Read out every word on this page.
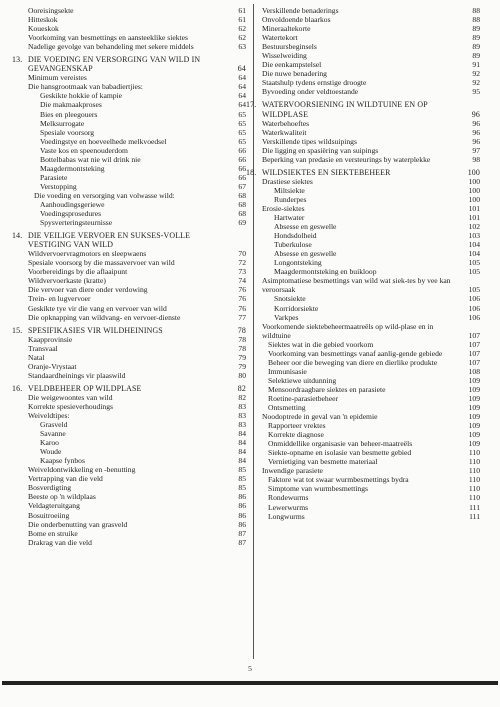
Ooreisingsekte	61
Hitteskok	61
Koueskok	62
Voorkoming van besmettings en aansteeklike siektes	62
Nadelige gevolge van behandeling met sekere middels	63
13. DIE VOEDING EN VERSORGING VAN WILD IN GEVANGENSKAP	64
Minimum vereistes	64
Die hansgrootmaak van babadiertjies:	64
Geskikte hokkie of kampie	64
Die makmaakproses	64
Bies en pleegouers	65
Melksurrogate	65
Spesiale voorsorg	65
Voedingstye en hoeveelhede melkvoedsel	65
Vaste kos en speenouderdom	66
Bottelbabas wat nie wil drink nie	66
Maagdermontsteking	66
Parasiete	66
Verstopping	67
Die voeding en versorging van volwasse wild:	68
Aanhoudingsgeriewe	68
Voedingsprosedures	68
Spysverteringsteurnisse	69
14. DIE VEILIGE VERVOER EN SUKSES-VOLLE VESTIGING VAN WILD
Wildvervoervragmotors en sleepwaens	70
Spesiale voorsorg by die massavervoer van wild	72
Voorbereidings by die aflaaipunt	73
Wildvervoerkaste (kratte)	74
Die vervoer van diere onder verdowing	76
Trein- en lugvervoer	76
Geskikte tye vir die vang en vervoer van wild	76
Die opknapping van wildvang- en vervoer-dienste	77
15. SPESIFIKASIES VIR WILDHEININGS	78
Kaapprovinsie	78
Transvaal	78
Natal	79
Oranje-Vrystaat	79
Standaardheinings vir plaaswild	80
16. VELDBEHEER OP WILDPLASE	82
Die weigewoontes van wild	82
Korrekte spesieverhoudings	83
Weiveldtipes:	83
Grasveld	83
Savanne	84
Karoo	84
Woude	84
Kaapse fynbos	84
Weiveldontwikkeling en -benutting	85
Vertrapping van die veld	85
Bosverdigting	85
Beeste op 'n wildplaas	86
Veldagteruitgang	86
Bosuitroeiing	86
Die onderbenutting van grasveld	86
Bome en struike	87
Drakrag van die veld	87
Verskillende benaderings	88
Onvoldoende blaarkos	88
Mineraaltekorte	89
Watertekort	89
Bestuursbeginsels	89
Wisselweiding	89
Die eenkampstelsel	91
Die nuwe benadering	92
Staatshulp tydens ernstige droogte	92
Byvoeding onder veldtoestande	95
17. WATERVOORSIENING IN WILDTUINE EN OP WILDPLASE	96
Waterbehoeftes	96
Waterkwaliteit	96
Verskillende tipes wildsuipings	96
Die ligging en spasiëring van suipings	97
Beperking van predasie en versteurings by waterplekke	98
18. WILDSIEKTES EN SIEKTEBEHEER	100
Drastiese siektes	100
Miltsiekte	100
Runderpes	100
Erosie-siektes	101
Hartwater	101
Absesse en geswelle	102
Hondsdolheid	103
Tuberkulose	104
Absesse en geswelle	104
Longontsteking	105
Maagdermontsteking en buikloop	105
Asimptomatiese besmettings van wild wat siek-tes by vee kan veroorsaak	105
Snotsiekte	106
Korridorsiekte	106
Varkpes	106
Voorkomende siektebeheermaatreëls op wild-plase en in wildtuine	107
Siektes wat in die gebied voorkom	107
Voorkoming van besmettings vanaf aanlig-gende gebiede	107
Beheer oor die beweging van diere en dierlike produkte	107
Immunisasie	108
Selektiewe uitdunning	109
Mensoordraagbare siektes en parasiete	109
Roetine-parasietbeheer	109
Ontsmetting	109
Noodoptrede in geval van 'n epidemie	109
Rapporteer vrektes	109
Korrekte diagnose	109
Onmiddellike organisasie van beheer-maatreëls	109
Siekte-opname en isolasie van besmette gebied	110
Vernietiging van besmette materiaal	110
Inwendige parasiete	110
Faktore wat tot swaar wurmbesmettings bydra	110
Simptome van wurmbesmettings	110
Rondewurms	110
Lewerwurms	111
Longwurms	111
5
